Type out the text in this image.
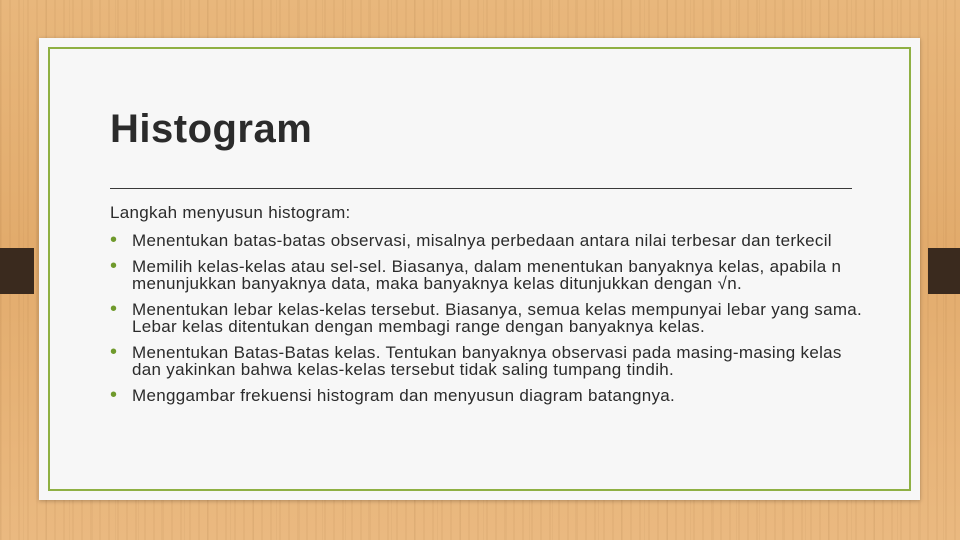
Histogram

Langkah menyusun histogram:

• Menentukan batas-batas observasi, misalnya perbedaan antara nilai terbesar dan terkecil
• Memilih kelas-kelas atau sel-sel. Biasanya, dalam menentukan banyaknya kelas, apabila n menunjukkan banyaknya data, maka banyaknya kelas ditunjukkan dengan √n.
• Menentukan lebar kelas-kelas tersebut. Biasanya, semua kelas mempunyai lebar yang sama. Lebar kelas ditentukan dengan membagi range dengan banyaknya kelas.
• Menentukan Batas-Batas kelas. Tentukan banyaknya observasi pada masing-masing kelas dan yakinkan bahwa kelas-kelas tersebut tidak saling tumpang tindih.
• Menggambar frekuensi histogram dan menyusun diagram batangnya.
